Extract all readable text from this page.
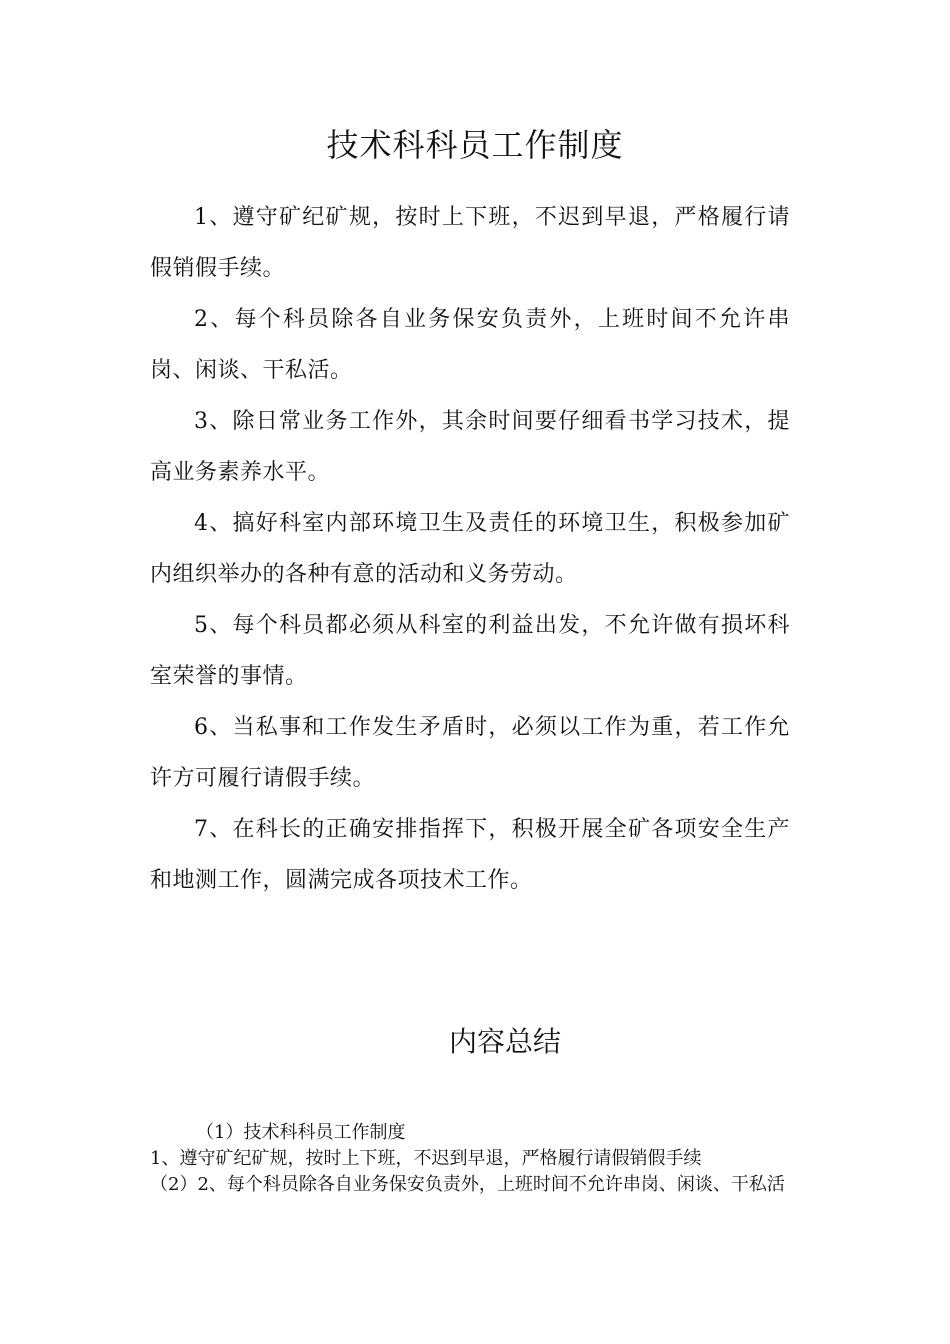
技术科科员工作制度

1、遵守矿纪矿规，按时上下班，不迟到早退，严格履行请假销假手续。

2、每个科员除各自业务保安负责外，上班时间不允许串岗、闲谈、干私活。

3、除日常业务工作外，其余时间要仔细看书学习技术，提高业务素养水平。

4、搞好科室内部环境卫生及责任的环境卫生，积极参加矿内组织举办的各种有意的活动和义务劳动。

5、每个科员都必须从科室的利益出发，不允许做有损坏科室荣誉的事情。

6、当私事和工作发生矛盾时，必须以工作为重，若工作允许方可履行请假手续。

7、在科长的正确安排指挥下，积极开展全矿各项安全生产和地测工作，圆满完成各项技术工作。

内容总结

（1）技术科科员工作制度

1、遵守矿纪矿规，按时上下班，不迟到早退，严格履行请假销假手续

（2）2、每个科员除各自业务保安负责外，上班时间不允许串岗、闲谈、干私活
